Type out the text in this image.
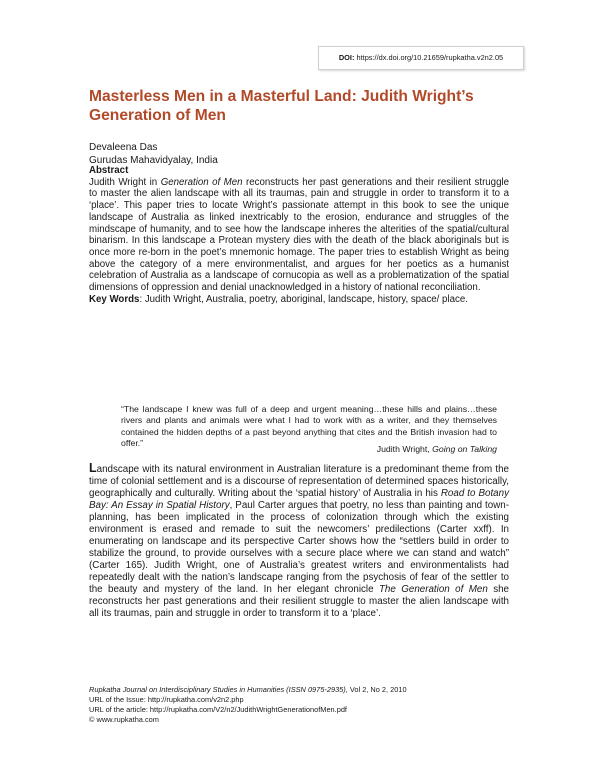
DOI: https://dx.doi.org/10.21659/rupkatha.v2n2.05
Masterless Men in a Masterful Land: Judith Wright’s Generation of Men
Devaleena Das
Gurudas Mahavidyalay, India
Abstract
Judith Wright in Generation of Men reconstructs her past generations and their resilient struggle to master the alien landscape with all its traumas, pain and struggle in order to transform it to a ‘place’. This paper tries to locate Wright’s passionate attempt in this book to see the unique landscape of Australia as linked inextricably to the erosion, endurance and struggles of the mindscape of humanity, and to see how the landscape inheres the alterities of the spatial/cultural binarism. In this landscape a Protean mystery dies with the death of the black aboriginals but is once more re-born in the poet’s mnemonic homage. The paper tries to establish Wright as being above the category of a mere environmentalist, and argues for her poetics as a humanist celebration of Australia as a landscape of cornucopia as well as a problematization of the spatial dimensions of oppression and denial unacknowledged in a history of national reconciliation.

Key Words: Judith Wright, Australia, poetry, aboriginal, landscape, history, space/ place.

“The landscape I knew was full of a deep and urgent meaning…these hills and plains…these rivers and plants and animals were what I had to work with as a writer, and they themselves contained the hidden depths of a past beyond anything that cites and the British invasion had to offer.”
Judith Wright, Going on Talking
Landscape with its natural environment in Australian literature is a predominant theme from the time of colonial settlement and is a discourse of representation of determined spaces historically, geographically and culturally. Writing about the ‘spatial history’ of Australia in his Road to Botany Bay: An Essay in Spatial History, Paul Carter argues that poetry, no less than painting and town-planning, has been implicated in the process of colonization through which the existing environment is erased and remade to suit the newcomers’ predilections (Carter xxff). In enumerating on landscape and its perspective Carter shows how the “settlers build in order to stabilize the ground, to provide ourselves with a secure place where we can stand and watch” (Carter 165). Judith Wright, one of Australia’s greatest writers and environmentalists had repeatedly dealt with the nation’s landscape ranging from the psychosis of fear of the settler to the beauty and mystery of the land. In her elegant chronicle The Generation of Men she reconstructs her past generations and their resilient struggle to master the alien landscape with all its traumas, pain and struggle in order to transform it to a ‘place’.
Rupkatha Journal on Interdisciplinary Studies in Humanities (ISSN 0975-2935), Vol 2, No 2, 2010
URL of the Issue: http://rupkatha.com/v2n2.php
URL of the article: http://rupkatha.com/V2/n2/JudithWrightGenerationofMen.pdf
© www.rupkatha.com
